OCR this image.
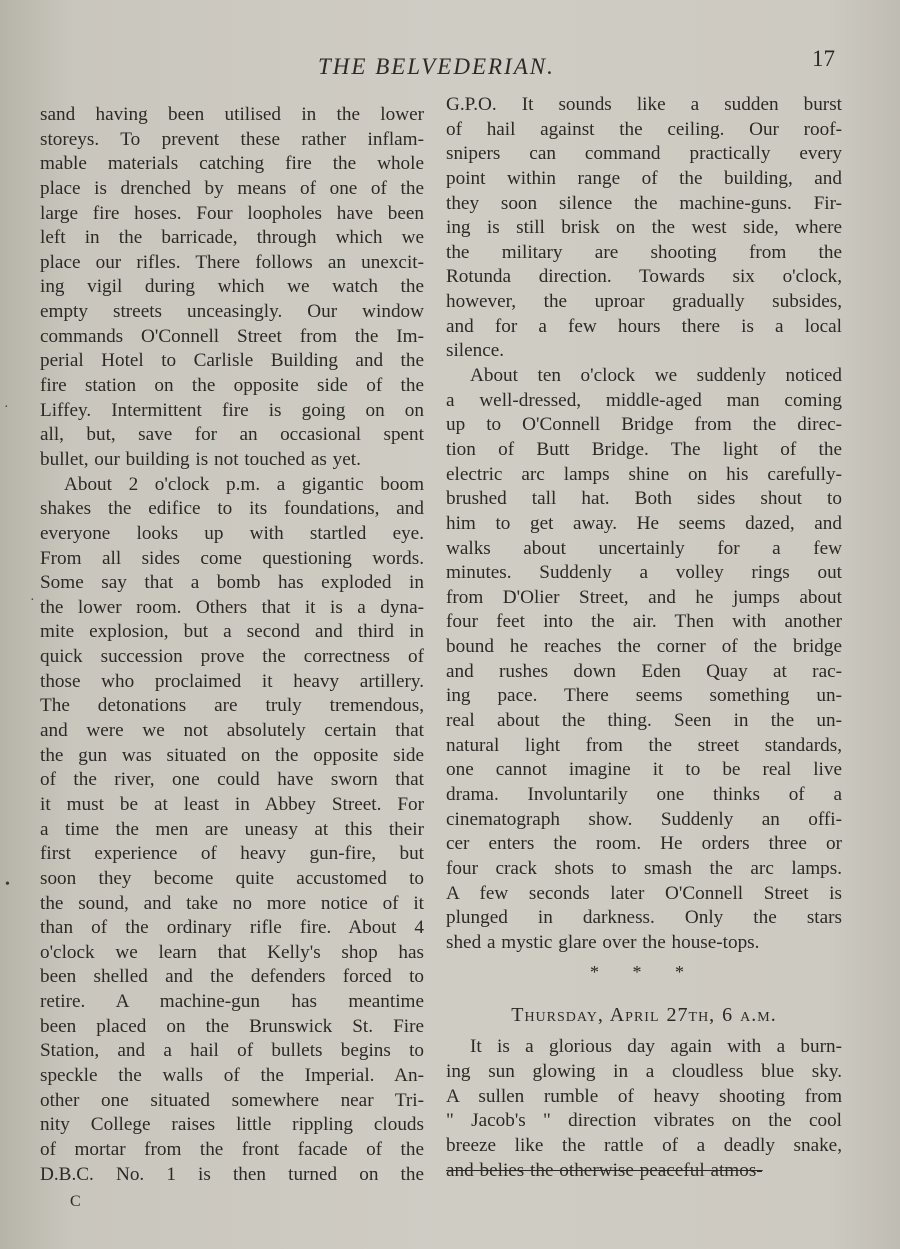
THE BELVEDERIAN.	17
sand having been utilised in the lower
storeys. To prevent these rather inflam-
mable materials catching fire the whole
place is drenched by means of one of the
large fire hoses. Four loopholes have been
left in the barricade, through which we
place our rifles. There follows an unexcit-
ing vigil during which we watch the
empty streets unceasingly. Our window
commands O'Connell Street from the Im-
perial Hotel to Carlisle Building and the
fire station on the opposite side of the
Liffey. Intermittent fire is going on on
all, but, save for an occasional spent
bullet, our building is not touched as yet.
About 2 o'clock p.m. a gigantic boom
shakes the edifice to its foundations, and
everyone looks up with startled eye.
From all sides come questioning words.
Some say that a bomb has exploded in
the lower room. Others that it is a dyna-
mite explosion, but a second and third in
quick succession prove the correctness of
those who proclaimed it heavy artillery.
The detonations are truly tremendous,
and were we not absolutely certain that
the gun was situated on the opposite side
of the river, one could have sworn that
it must be at least in Abbey Street. For
a time the men are uneasy at this their
first experience of heavy gun-fire, but
soon they become quite accustomed to
the sound, and take no more notice of it
than of the ordinary rifle fire. About 4
o'clock we learn that Kelly's shop has
been shelled and the defenders forced to
retire. A machine-gun has meantime
been placed on the Brunswick St. Fire
Station, and a hail of bullets begins to
speckle the walls of the Imperial. An-
other one situated somewhere near Tri-
nity College raises little rippling clouds
of mortar from the front facade of the
D.B.C. No. 1 is then turned on the
G.P.O. It sounds like a sudden burst
of hail against the ceiling. Our roof-
snipers can command practically every
point within range of the building, and
they soon silence the machine-guns. Fir-
ing is still brisk on the west side, where
the military are shooting from the
Rotunda direction. Towards six o'clock,
however, the uproar gradually subsides,
and for a few hours there is a local
silence.
About ten o'clock we suddenly noticed
a well-dressed, middle-aged man coming
up to O'Connell Bridge from the direc-
tion of Butt Bridge. The light of the
electric arc lamps shine on his carefully-
brushed tall hat. Both sides shout to
him to get away. He seems dazed, and
walks about uncertainly for a few
minutes. Suddenly a volley rings out
from D'Olier Street, and he jumps about
four feet into the air. Then with another
bound he reaches the corner of the bridge
and rushes down Eden Quay at rac-
ing pace. There seems something un-
real about the thing. Seen in the un-
natural light from the street standards,
one cannot imagine it to be real live
drama. Involuntarily one thinks of a
cinematograph show. Suddenly an offi-
cer enters the room. He orders three or
four crack shots to smash the arc lamps.
A few seconds later O'Connell Street is
plunged in darkness. Only the stars
shed a mystic glare over the house-tops.
* * *
Thursday, April 27th, 6 a.m.
It is a glorious day again with a burn-
ing sun glowing in a cloudless blue sky.
A sullen rumble of heavy shooting from
" Jacob's " direction vibrates on the cool
breeze like the rattle of a deadly snake,
and belies the otherwise peaceful atmos-
C
·
·
•
